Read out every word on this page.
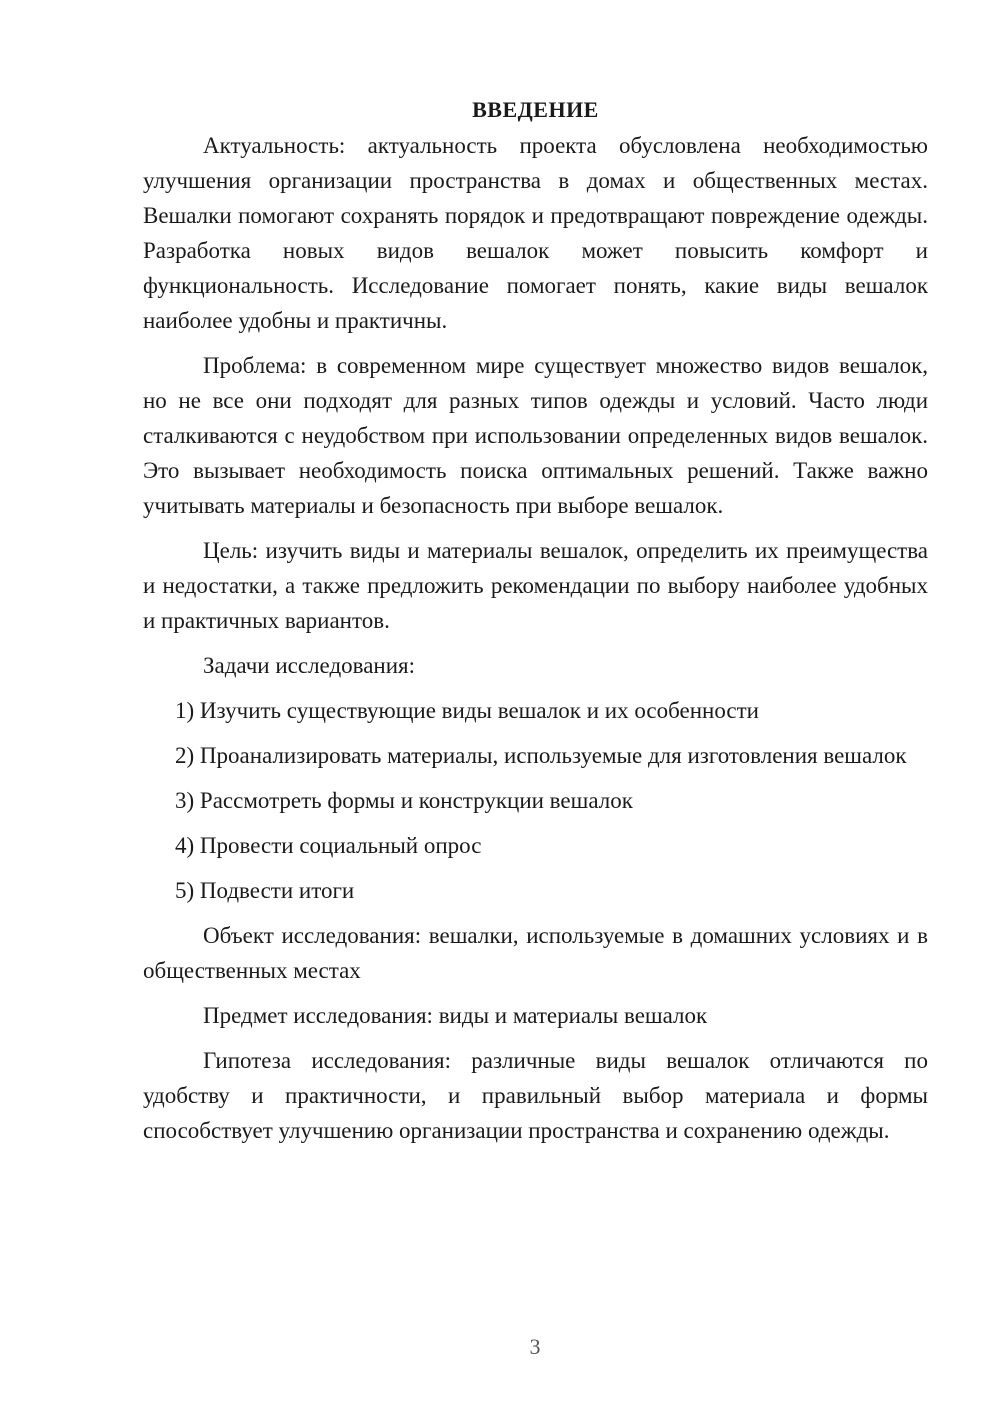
ВВЕДЕНИЕ

Актуальность: актуальность проекта обусловлена необходимостью улучшения организации пространства в домах и общественных местах. Вешалки помогают сохранять порядок и предотвращают повреждение одежды. Разработка новых видов вешалок может повысить комфорт и функциональность. Исследование помогает понять, какие виды вешалок наиболее удобны и практичны.

Проблема: в современном мире существует множество видов вешалок, но не все они подходят для разных типов одежды и условий. Часто люди сталкиваются с неудобством при использовании определенных видов вешалок. Это вызывает необходимость поиска оптимальных решений. Также важно учитывать материалы и безопасность при выборе вешалок.

Цель: изучить виды и материалы вешалок, определить их преимущества и недостатки, а также предложить рекомендации по выбору наиболее удобных и практичных вариантов.

Задачи исследования:

1) Изучить существующие виды вешалок и их особенности

2) Проанализировать материалы, используемые для изготовления вешалок

3) Рассмотреть формы и конструкции вешалок

4) Провести социальный опрос

5) Подвести итоги

Объект исследования: вешалки, используемые в домашних условиях и в общественных местах

Предмет исследования: виды и материалы вешалок

Гипотеза исследования: различные виды вешалок отличаются по удобству и практичности, и правильный выбор материала и формы способствует улучшению организации пространства и сохранению одежды.

3
